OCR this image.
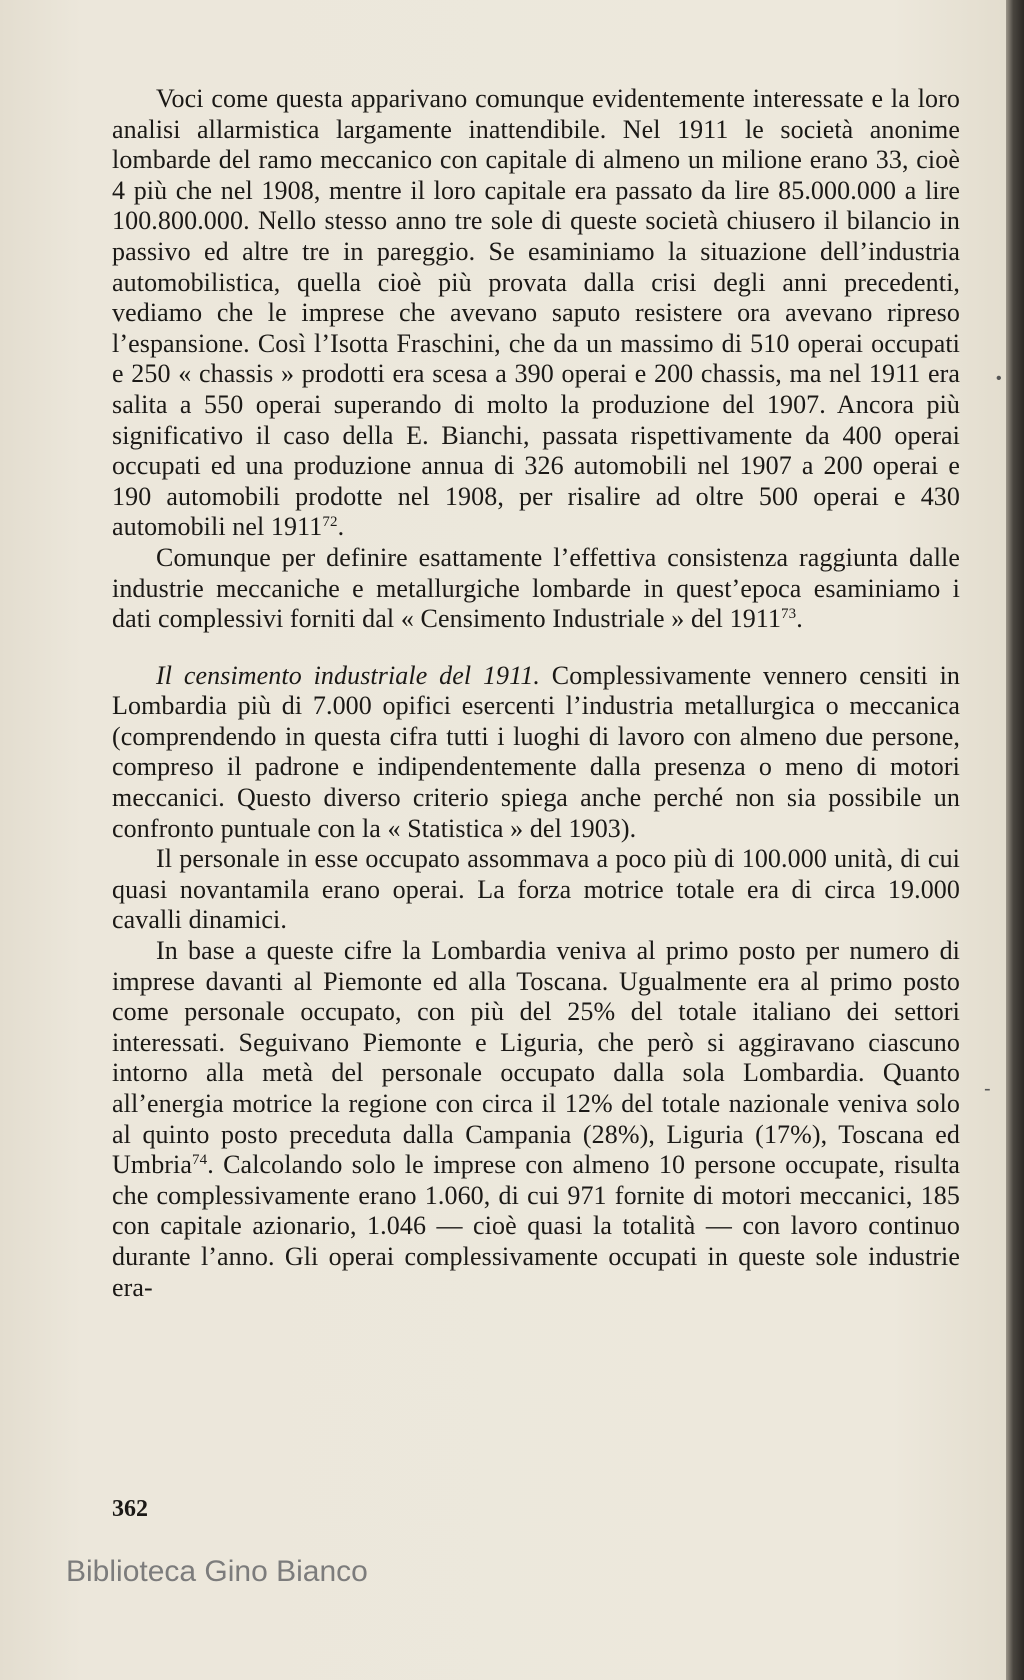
Voci come questa apparivano comunque evidentemente interessate e la loro analisi allarmistica largamente inattendibile. Nel 1911 le società anonime lombarde del ramo meccanico con capitale di almeno un milione erano 33, cioè 4 più che nel 1908, mentre il loro capitale era passato da lire 85.000.000 a lire 100.800.000. Nello stesso anno tre sole di queste società chiusero il bilancio in passivo ed altre tre in pareggio. Se esaminiamo la situazione dell’industria automobilistica, quella cioè più provata dalla crisi degli anni precedenti, vediamo che le imprese che avevano saputo resistere ora avevano ripreso l’espansione. Così l’Isotta Fraschini, che da un massimo di 510 operai occupati e 250 « chassis » prodotti era scesa a 390 operai e 200 chassis, ma nel 1911 era salita a 550 operai superando di molto la produzione del 1907. Ancora più significativo il caso della E. Bianchi, passata rispettivamente da 400 operai occupati ed una produzione annua di 326 automobili nel 1907 a 200 operai e 190 automobili prodotte nel 1908, per risalire ad oltre 500 operai e 430 automobili nel 1911$^{72}$.

Comunque per definire esattamente l’effettiva consistenza raggiunta dalle industrie meccaniche e metallurgiche lombarde in quest’epoca esaminiamo i dati complessivi forniti dal « Censimento Industriale » del 1911$^{73}$.

Il censimento industriale del 1911. Complessivamente vennero censiti in Lombardia più di 7.000 opifici esercenti l’industria metallurgica o meccanica (comprendendo in questa cifra tutti i luoghi di lavoro con almeno due persone, compreso il padrone e indipendentemente dalla presenza o meno di motori meccanici. Questo diverso criterio spiega anche perché non sia possibile un confronto puntuale con la « Statistica » del 1903).

Il personale in esse occupato assommava a poco più di 100.000 unità, di cui quasi novantamila erano operai. La forza motrice totale era di circa 19.000 cavalli dinamici.

In base a queste cifre la Lombardia veniva al primo posto per numero di imprese davanti al Piemonte ed alla Toscana. Ugualmente era al primo posto come personale occupato, con più del 25% del totale italiano dei settori interessati. Seguivano Piemonte e Liguria, che però si aggiravano ciascuno intorno alla metà del personale occupato dalla sola Lombardia. Quanto all’energia motrice la regione con circa il 12% del totale nazionale veniva solo al quinto posto preceduta dalla Campania (28%), Liguria (17%), Toscana ed Umbria$^{74}$. Calcolando solo le imprese con almeno 10 persone occupate, risulta che complessivamente erano 1.060, di cui 971 fornite di motori meccanici, 185 con capitale azionario, 1.046 — cioè quasi la totalità — con lavoro continuo durante l’anno. Gli operai complessivamente occupati in queste sole industrie era-

362
Biblioteca Gino Bianco
•
-
